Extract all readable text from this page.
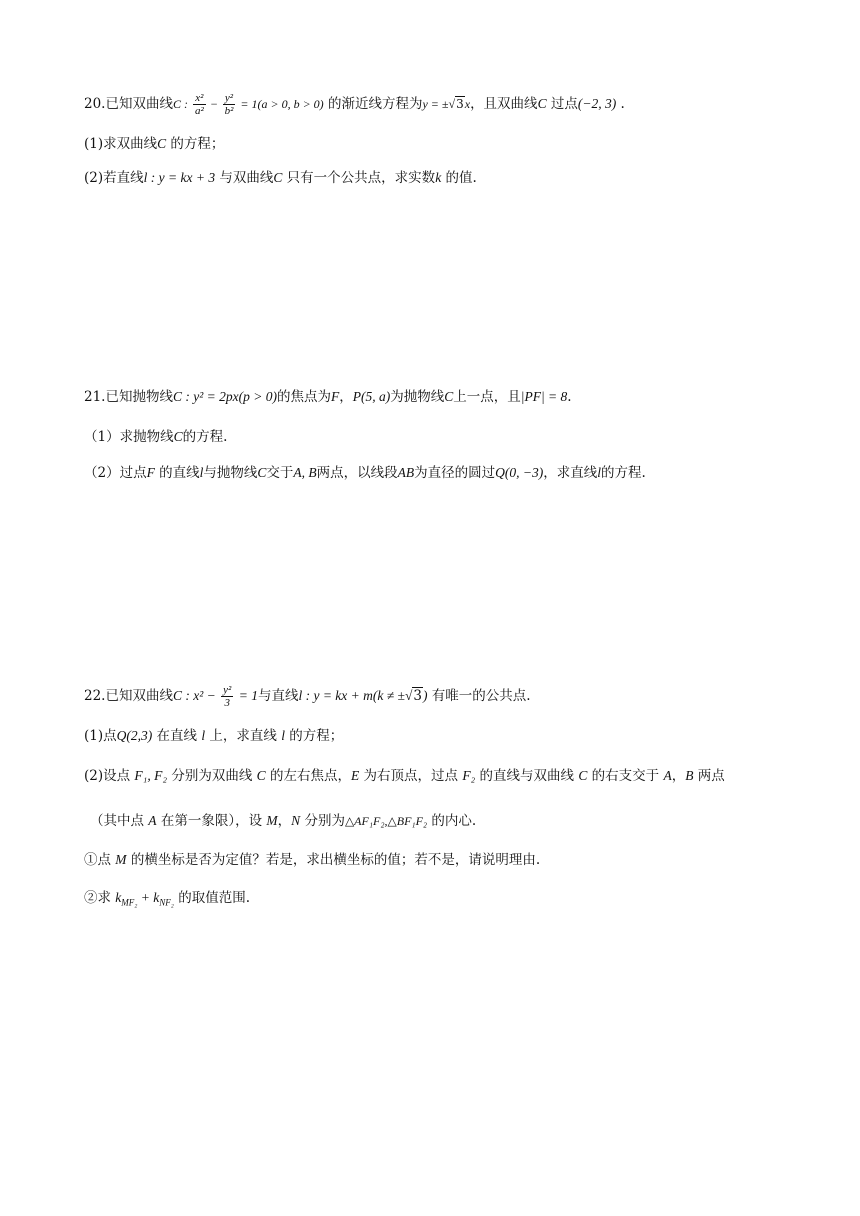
20.已知双曲线C : $\frac{\text{x²}}{\text{a²}} - \frac{\text{y²}}{\text{b²}} = 1(a > 0$, b > 0) 的渐近线方程为y = ±√3x，且双曲线C 过点(−2, 3) .
(1)求双曲线C 的方程；
(2)若直线l : y = kx + 3 与双曲线C 只有一个公共点，求实数k 的值.
21.已知抛物线C : y² = 2px(p > 0)的焦点为F，P(5, a)为抛物线C上一点，且|PF| = 8.
（1）求抛物线C的方程.
（2）过点F 的直线l与抛物线C交于A, B两点，以线段AB为直径的圆过Q(0, −3)，求直线l的方程.
22.已知双曲线C : $x^2 - \frac{\text{y²}}{3} = 1$与直线l : y = kx + m(k ≠ ±√3) 有唯一的公共点.
(1)点Q(2,3) 在直线 l 上，求直线 l 的方程；
(2)设点 F₁, F₂ 分别为双曲线 C 的左右焦点，E 为右顶点，过点 F₂ 的直线与双曲线 C 的右支交于 A，B 两点
（其中点 A 在第一象限），设 M，N 分别为△AF₁F₂,△BF₁F₂ 的内心.
①点 M 的横坐标是否为定值？若是，求出横坐标的值；若不是，请说明理由.
②求 $k_{MF_2} + k_{NF_2}$ 的取值范围.
